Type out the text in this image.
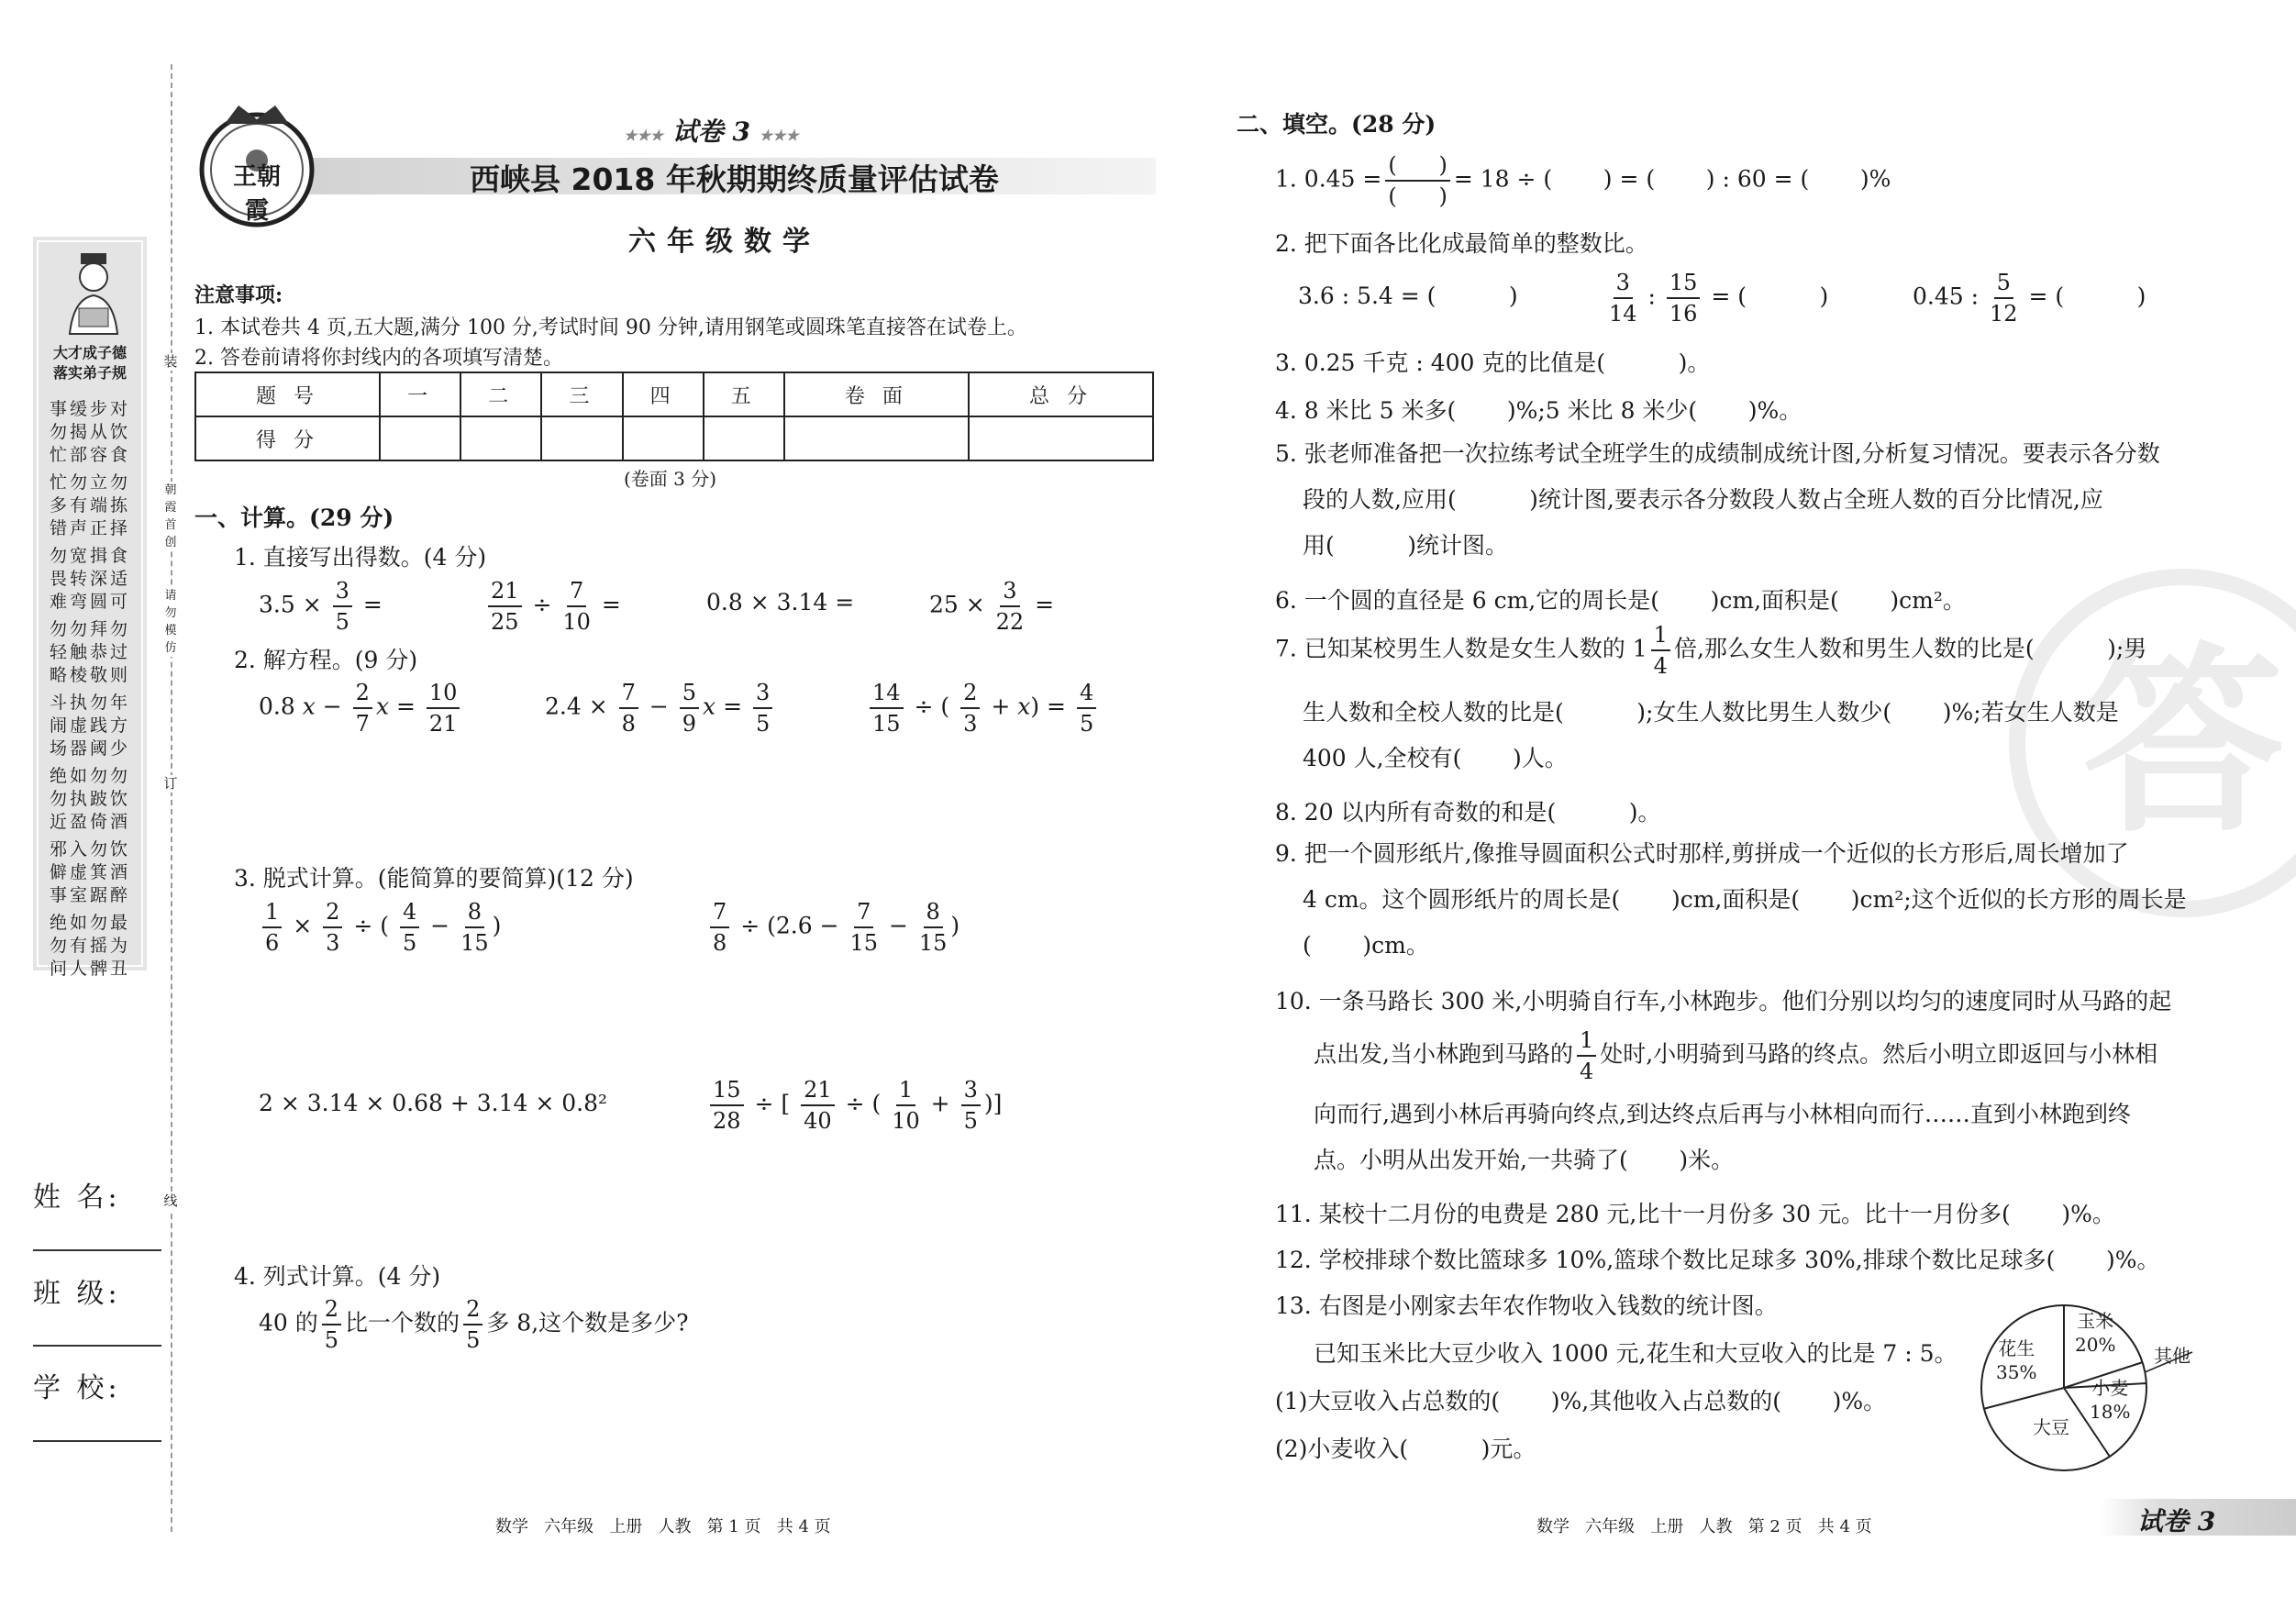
装
朝霞首创
请勿模仿
订
线
大才成子德
落实弟子规
事缓步对
勿揭从饮
忙部容食
忙勿立勿
多有端拣
错声正择
勿宽揖食
畏转深适
难弯圆可
勿勿拜勿
轻触恭过
略棱敬则
斗执勿年
闹虚践方
场器阈少
绝如勿勿
勿执跛饮
近盈倚酒
邪入勿饮
僻虚箕酒
事室踞醉
绝如勿最
勿有摇为
问人髀丑
姓 名:
班 级:
学 校:
王朝霞
★★★ 试卷 3 ★★★
西峡县 2018 年秋期期终质量评估试卷
六年级数学
注意事项:
1. 本试卷共 4 页,五大题,满分 100 分,考试时间 90 分钟,请用钢笔或圆珠笔直接答在试卷上。
2. 答卷前请将你封线内的各项填写清楚。
题 号	一	二	三	四	五	卷 面	总 分
得 分							
(卷面 3 分)
一、计算。(29 分)
1. 直接写出得数。(4 分)
$3.5 \times \frac{3}{5}$ =	$\frac{21}{25} \div \frac{7}{10}$ =	0.8 × 3.14 =	$25 \times \frac{3}{22}$ =
2. 解方程。(9 分)
0.8 $x - \frac{2}{7}$ $x = \frac{10}{21}$	$2.4 \times \frac{7}{8} - \frac{5}{9}$ $x = \frac{3}{5}$	$\frac{14}{15}$ ÷ ( $\frac{2}{3} + x) = \frac{4}{5}$
3. 脱式计算。(能简算的要简算)(12 分)
$\frac{1}{6} \times \frac{2}{3}$ ÷ ( $\frac{4}{5} - \frac{8}{15}$ )	$\frac{7}{8} \div (2.6 - \frac{7}{15} - \frac{8}{15}$ )
2 × 3.14 × 0.68 + 3.14 × 0.8²	$\frac{15}{28}$ ÷ [ $\frac{21}{40}$ ÷ ( $\frac{1}{10} + \frac{3}{5}$ )]
4. 列式计算。(4 分)
40 的 $\frac{2}{5}$ 比一个数的 $\frac{2}{5}$ 多 8,这个数是多少?
数学   六年级   上册   人教   第 1 页   共 4 页
答
二、填空。(28 分)
1. 0.45 =
(      )
(      )
= 18 ÷ (       ) = (       ) : 60 = (       )%
2. 把下面各比化成最简单的整数比。
3.6 : 5.4 = (          )	$\frac{3}{14}$ : $\frac{15}{16}$ = (          )	0.45 : $\frac{5}{12}$ = (          )
3. 0.25 千克 : 400 克的比值是(          )。
4. 8 米比 5 米多(       )%;5 米比 8 米少(       )%。
5. 张老师准备把一次拉练考试全班学生的成绩制成统计图,分析复习情况。要表示各分数
段的人数,应用(          )统计图,要表示各分数段人数占全班人数的百分比情况,应
用(          )统计图。
6. 一个圆的直径是 6 cm,它的周长是(       )cm,面积是(       )cm²。
7. 已知某校男生人数是女生人数的 $1 \frac{1}{4}$ 倍,那么女生人数和男生人数的比是(          );男
生人数和全校人数的比是(          );女生人数比男生人数少(       )%;若女生人数是
400 人,全校有(       )人。
8. 20 以内所有奇数的和是(          )。
9. 把一个圆形纸片,像推导圆面积公式时那样,剪拼成一个近似的长方形后,周长增加了
4 cm。这个圆形纸片的周长是(       )cm,面积是(       )cm²;这个近似的长方形的周长是
(       )cm。
10. 一条马路长 300 米,小明骑自行车,小林跑步。他们分别以均匀的速度同时从马路的起
点出发,当小林跑到马路的 $\frac{1}{4}$ 处时,小明骑到马路的终点。然后小明立即返回与小林相
向而行,遇到小林后再骑向终点,到达终点后再与小林相向而行……直到小林跑到终
点。小明从出发开始,一共骑了(       )米。
11. 某校十二月份的电费是 280 元,比十一月份多 30 元。比十一月份多(       )%。
12. 学校排球个数比篮球多 10%,篮球个数比足球多 30%,排球个数比足球多(       )%。
13. 右图是小刚家去年农作物收入钱数的统计图。
已知玉米比大豆少收入 1000 元,花生和大豆收入的比是 7 : 5。
(1)大豆收入占总数的(       )%,其他收入占总数的(       )%。
(2)小麦收入(          )元。
玉米
20% 其他
小麦
18%
大豆
花生
35%
数学   六年级   上册   人教   第 2 页   共 4 页	试卷 3
